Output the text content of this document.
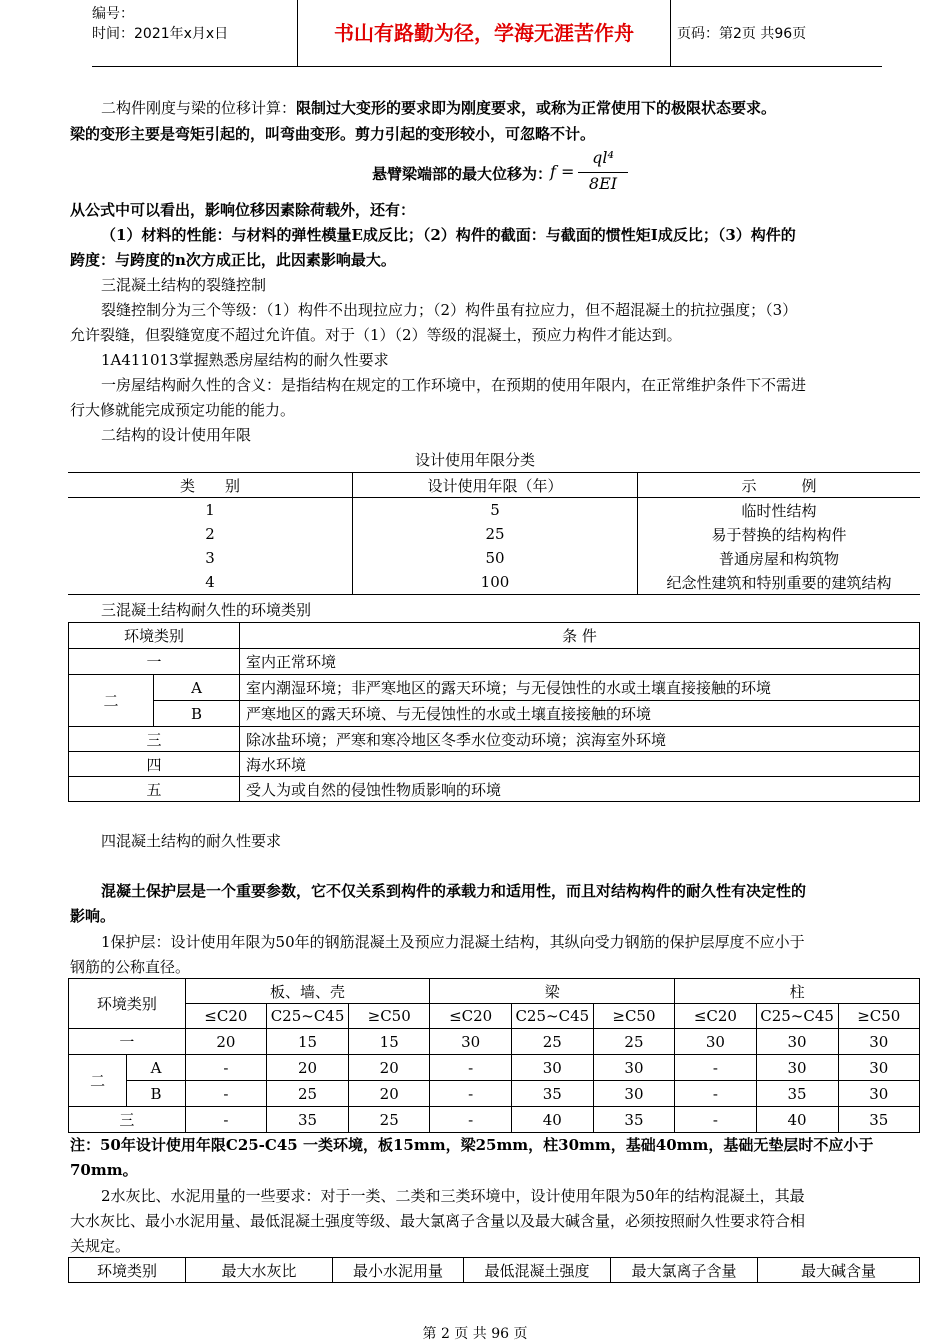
编号：
时间：2021年x月x日	书山有路勤为径，学海无涯苦作舟	页码：第2页 共96页
二构件刚度与梁的位移计算：限制过大变形的要求即为刚度要求，或称为正常使用下的极限状态要求。
梁的变形主要是弯矩引起的，叫弯曲变形。剪力引起的变形较小，可忽略不计。
悬臂梁端部的最大位移为：
f =
ql⁴
8EI
从公式中可以看出，影响位移因素除荷载外，还有：
（1）材料的性能：与材料的弹性模量E成反比；（2）构件的截面：与截面的惯性矩Ⅰ成反比；（3）构件的
跨度：与跨度的n次方成正比，此因素影响最大。
三混凝土结构的裂缝控制
裂缝控制分为三个等级：（1）构件不出现拉应力；（2）构件虽有拉应力，但不超混凝土的抗拉强度；（3）
允许裂缝，但裂缝宽度不超过允许值。对于（1）（2）等级的混凝土，预应力构件才能达到。
1A411013掌握熟悉房屋结构的耐久性要求
一房屋结构耐久性的含义：是指结构在规定的工作环境中，在预期的使用年限内，在正常维护条件下不需进
行大修就能完成预定功能的能力。
二结构的设计使用年限
设计使用年限分类
类　　别	设计使用年限（年）	示　　　例
1	5	临时性结构
2	25	易于替换的结构构件
3	50	普通房屋和构筑物
4	100	纪念性建筑和特别重要的建筑结构
三混凝土结构耐久性的环境类别
环境类别		条 件
一		室内正常环境
二	A	室内潮湿环境；非严寒地区的露天环境；与无侵蚀性的水或土壤直接接触的环境
	B	严寒地区的露天环境、与无侵蚀性的水或土壤直接接触的环境
三		除冰盐环境；严寒和寒冷地区冬季水位变动环境；滨海室外环境
四		海水环境
五		受人为或自然的侵蚀性物质影响的环境
四混凝土结构的耐久性要求
混凝土保护层是一个重要参数，它不仅关系到构件的承载力和适用性，而且对结构构件的耐久性有决定性的
影响。
1保护层：设计使用年限为50年的钢筋混凝土及预应力混凝土结构，其纵向受力钢筋的保护层厚度不应小于
钢筋的公称直径。
环境类别		板、墙、壳			梁			柱		
		≤C20	C25~C45	≥C50	≤C20	C25~C45	≥C50	≤C20	C25~C45	≥C50
一		20	15	15	30	25	25	30	30	30
二	A	-	20	20	-	30	30	-	30	30
	B	-	25	20	-	35	30	-	35	30
三		-	35	25	-	40	35	-	40	35
注：50年设计使用年限C25-C45 一类环境，板15mm，梁25mm，柱30mm，基础40mm，基础无垫层时不应小于
70mm。
2水灰比、水泥用量的一些要求：对于一类、二类和三类环境中，设计使用年限为50年的结构混凝土，其最
大水灰比、最小水泥用量、最低混凝土强度等级、最大氯离子含量以及最大碱含量，必须按照耐久性要求符合相
关规定。
环境类别	最大水灰比	最小水泥用量	最低混凝土强度	最大氯离子含量	最大碱含量
第 2 页 共 96 页
